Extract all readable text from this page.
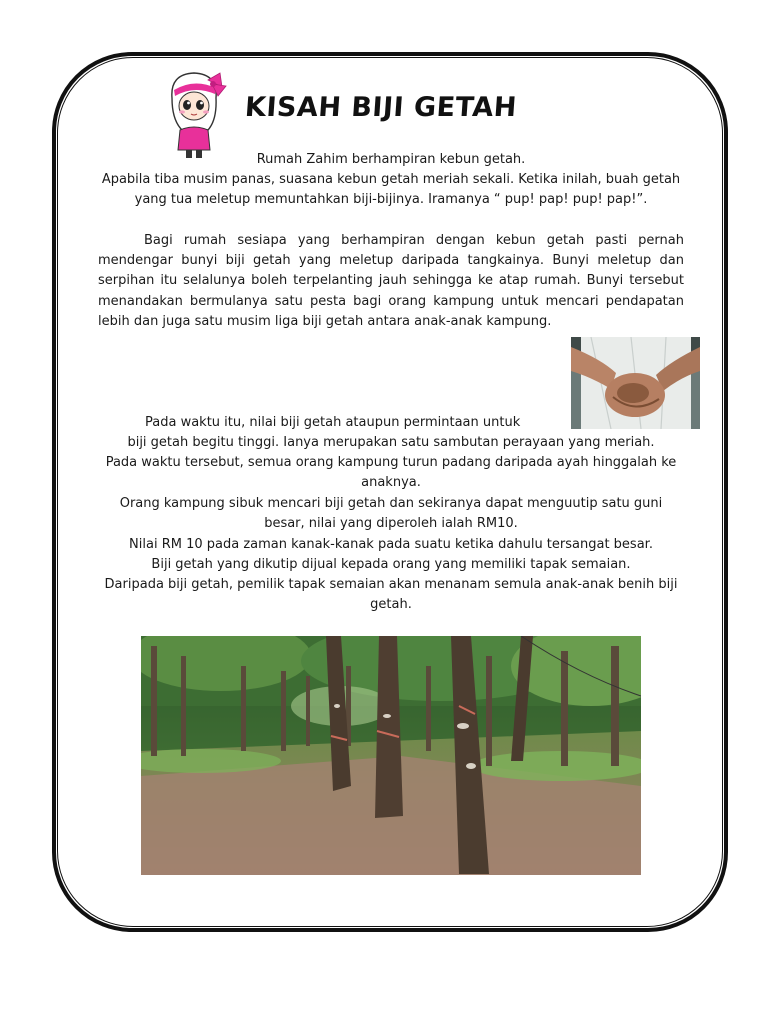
KISAH BIJI GETAH

Rumah Zahim berhampiran kebun getah.

Apabila tiba musim panas, suasana kebun getah meriah sekali. Ketika inilah, buah getah yang tua meletup memuntahkan biji-bijinya. Iramanya “ pup! pap! pup! pap!”.

Bagi rumah sesiapa yang berhampiran dengan kebun getah pasti pernah mendengar bunyi biji getah yang meletup daripada tangkainya. Bunyi meletup dan serpihan itu selalunya boleh terpelanting jauh sehingga ke atap rumah. Bunyi tersebut menandakan bermulanya satu pesta bagi orang kampung untuk mencari pendapatan lebih dan juga satu musim liga biji getah antara anak-anak kampung.

Pada waktu itu, nilai biji getah ataupun permintaan untuk

biji getah begitu tinggi. Ianya merupakan satu sambutan perayaan yang meriah.

Pada waktu tersebut, semua orang kampung turun padang daripada ayah hinggalah ke anaknya.

Orang kampung sibuk mencari biji getah dan sekiranya dapat menguutip satu guni besar, nilai yang diperoleh ialah RM10.

Nilai RM 10 pada zaman kanak-kanak pada suatu ketika dahulu tersangat besar.

Biji getah yang dikutip dijual kepada orang yang memiliki tapak semaian.

Daripada biji getah, pemilik tapak semaian akan menanam semula anak-anak benih biji getah.
